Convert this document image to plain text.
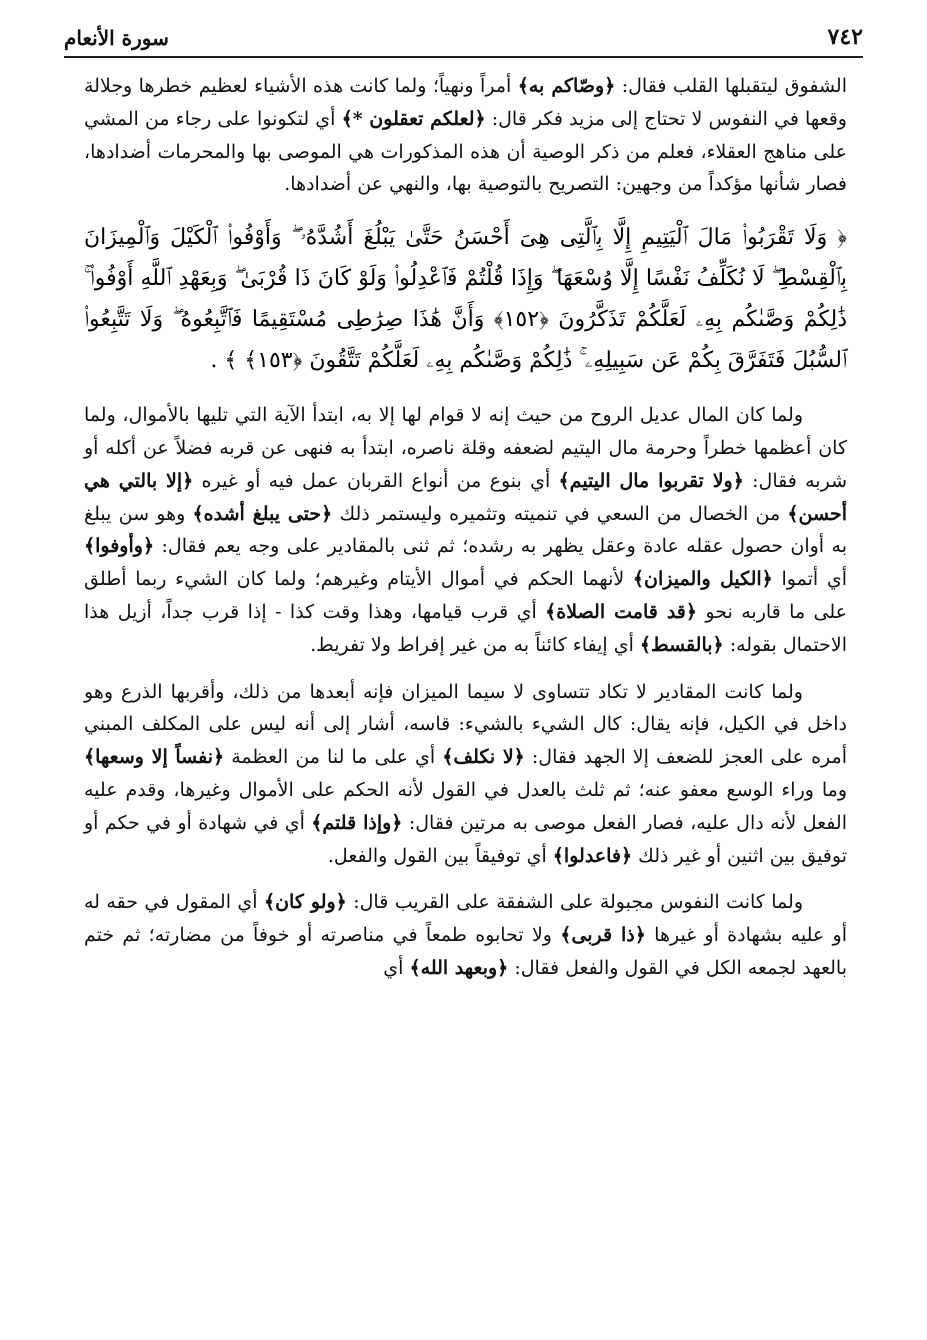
٧٤٢
سورة الأنعام

الشفوق ليتقبلها القلب فقال: ﴿وصّاكم به﴾ أمراً ونهياً؛ ولما كانت هذه الأشياء لعظيم خطرها وجلالة وقعها في النفوس لا تحتاج إلى مزيد فكر قال: ﴿لعلكم تعقلون *﴾ أي لتكونوا على رجاء من المشي على مناهج العقلاء، فعلم من ذكر الوصية أن هذه المذكورات هي الموصى بها والمحرمات أضدادها، فصار شأنها مؤكداً من وجهين: التصريح بالتوصية بها، والنهي عن أضدادها.

﴿ وَلَا تَقْرَبُوا۟ مَالَ ٱلْيَتِيمِ إِلَّا بِٱلَّتِى هِىَ أَحْسَنُ حَتَّىٰ يَبْلُغَ أَشُدَّهُۥ ۖ وَأَوْفُوا۟ ٱلْكَيْلَ وَٱلْمِيزَانَ بِٱلْقِسْطِ ۖ لَا نُكَلِّفُ نَفْسًا إِلَّا وُسْعَهَا ۖ وَإِذَا قُلْتُمْ فَٱعْدِلُوا۟ وَلَوْ كَانَ ذَا قُرْبَىٰ ۖ وَبِعَهْدِ ٱللَّهِ أَوْفُوا۟ ۚ ذَٰلِكُمْ وَصَّىٰكُم بِهِۦ لَعَلَّكُمْ تَذَكَّرُونَ ﴿١٥٢﴾ وَأَنَّ هَٰذَا صِرَٰطِى مُسْتَقِيمًا فَٱتَّبِعُوهُ ۖ وَلَا تَتَّبِعُوا۟ ٱلسُّبُلَ فَتَفَرَّقَ بِكُمْ عَن سَبِيلِهِۦ ۚ ذَٰلِكُمْ وَصَّىٰكُم بِهِۦ لَعَلَّكُمْ تَتَّقُونَ ﴿١٥٣﴾ ﴾ .

ولما كان المال عديل الروح من حيث إنه لا قوام لها إلا به، ابتدأ الآية التي تليها بالأموال، ولما كان أعظمها خطراً وحرمة مال اليتيم لضعفه وقلة ناصره، ابتدأ به فنهى عن قربه فضلاً عن أكله أو شربه فقال: ﴿ولا تقربوا مال اليتيم﴾ أي بنوع من أنواع القربان عمل فيه أو غيره ﴿إلا بالتي هي أحسن﴾ من الخصال من السعي في تنميته وتثميره وليستمر ذلك ﴿حتى يبلغ أشده﴾ وهو سن يبلغ به أوان حصول عقله عادة وعقل يظهر به رشده؛ ثم ثنى بالمقادير على وجه يعم فقال: ﴿وأوفوا﴾ أي أتموا ﴿الكيل والميزان﴾ لأنهما الحكم في أموال الأيتام وغيرهم؛ ولما كان الشيء ربما أطلق على ما قاربه نحو ﴿قد قامت الصلاة﴾ أي قرب قيامها، وهذا وقت كذا - إذا قرب جداً، أزيل هذا الاحتمال بقوله: ﴿بالقسط﴾ أي إيفاء كائناً به من غير إفراط ولا تفريط.

ولما كانت المقادير لا تكاد تتساوى لا سيما الميزان فإنه أبعدها من ذلك، وأقربها الذرع وهو داخل في الكيل، فإنه يقال: كال الشيء بالشيء: قاسه، أشار إلى أنه ليس على المكلف المبني أمره على العجز للضعف إلا الجهد فقال: ﴿لا نكلف﴾ أي على ما لنا من العظمة ﴿نفساً إلا وسعها﴾ وما وراء الوسع معفو عنه؛ ثم ثلث بالعدل في القول لأنه الحكم على الأموال وغيرها، وقدم عليه الفعل لأنه دال عليه، فصار الفعل موصى به مرتين فقال: ﴿وإذا قلتم﴾ أي في شهادة أو في حكم أو توفيق بين اثنين أو غير ذلك ﴿فاعدلوا﴾ أي توفيقاً بين القول والفعل.

ولما كانت النفوس مجبولة على الشفقة على القريب قال: ﴿ولو كان﴾ أي المقول في حقه له أو عليه بشهادة أو غيرها ﴿ذا قربى﴾ ولا تحابوه طمعاً في مناصرته أو خوفاً من مضارته؛ ثم ختم بالعهد لجمعه الكل في القول والفعل فقال: ﴿وبعهد الله﴾ أي
